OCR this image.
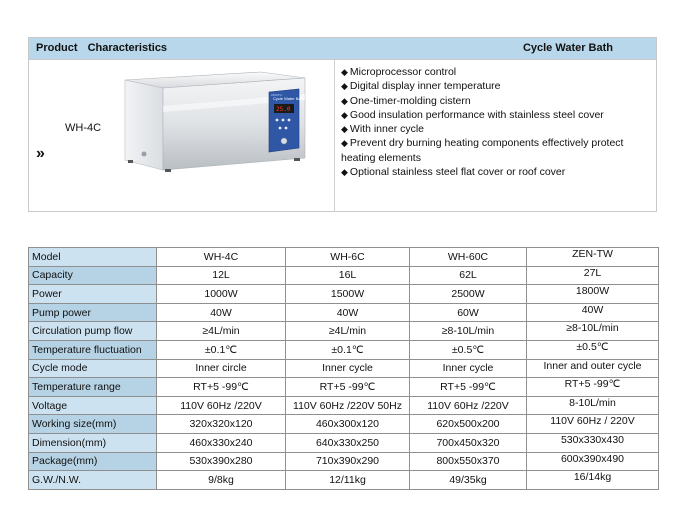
Product Characteristics	Cycle Water Bath
WH-4C
»
Cycle Water Bath
25.0
ZENITH
◆ Microprocessor control
◆ Digital display inner temperature
◆ One-timer-molding cistern
◆ Good insulation performance with stainless steel cover
◆ With inner cycle
◆ Prevent dry burning heating components effectively protect heating elements
◆ Optional stainless steel flat cover or roof cover
Model	WH-4C	WH-6C	WH-60C	ZEN-TW
Capacity	12L	16L	62L	27L
Power	1000W	1500W	2500W	1800W
Pump power	40W	40W	60W	40W
Circulation pump flow	≥4L/min	≥4L/min	≥8-10L/min	≥8-10L/min
Temperature fluctuation	±0.1℃	±0.1℃	±0.5℃	±0.5℃
Cycle mode	Inner circle	Inner cycle	Inner cycle	Inner and outer cycle
Temperature range	RT+5 -99℃	RT+5 -99℃	RT+5 -99℃	RT+5 -99℃
Voltage	110V 60Hz /220V	110V 60Hz /220V 50Hz	110V 60Hz /220V	8-10L/min
Working size(mm)	320x320x120	460x300x120	620x500x200	110V 60Hz / 220V
Dimension(mm)	460x330x240	640x330x250	700x450x320	530x330x430
Package(mm)	530x390x280	710x390x290	800x550x370	600x390x490
G.W./N.W.	9/8kg	12/11kg	49/35kg	16/14kg
